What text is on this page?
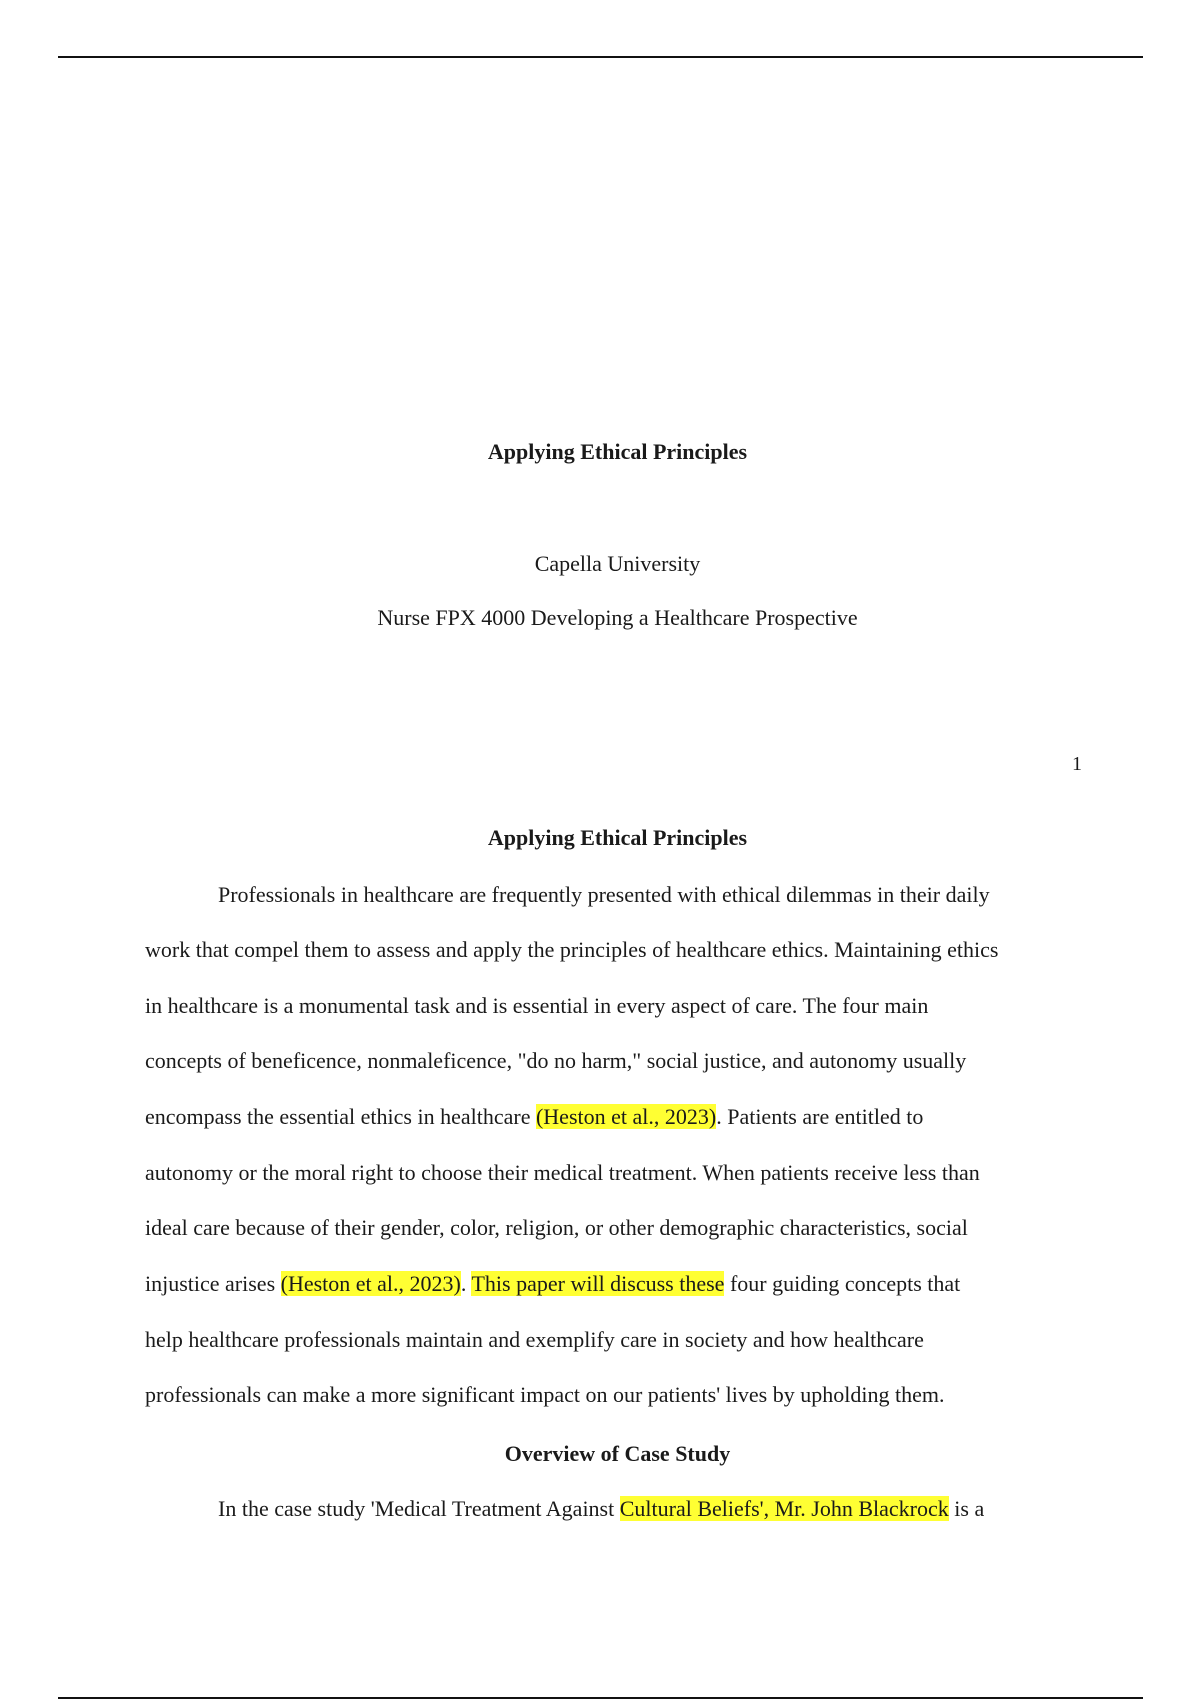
Applying Ethical Principles
Capella University
Nurse FPX 4000 Developing a Healthcare Prospective
1
Applying Ethical Principles
Professionals in healthcare are frequently presented with ethical dilemmas in their daily
work that compel them to assess and apply the principles of healthcare ethics. Maintaining ethics
in healthcare is a monumental task and is essential in every aspect of care. The four main
concepts of beneficence, nonmaleficence, "do no harm," social justice, and autonomy usually
encompass the essential ethics in healthcare (Heston et al., 2023). Patients are entitled to
autonomy or the moral right to choose their medical treatment. When patients receive less than
ideal care because of their gender, color, religion, or other demographic characteristics, social
injustice arises (Heston et al., 2023). This paper will discuss these four guiding concepts that
help healthcare professionals maintain and exemplify care in society and how healthcare
professionals can make a more significant impact on our patients' lives by upholding them.
Overview of Case Study
In the case study 'Medical Treatment Against Cultural Beliefs', Mr. John Blackrock is a
